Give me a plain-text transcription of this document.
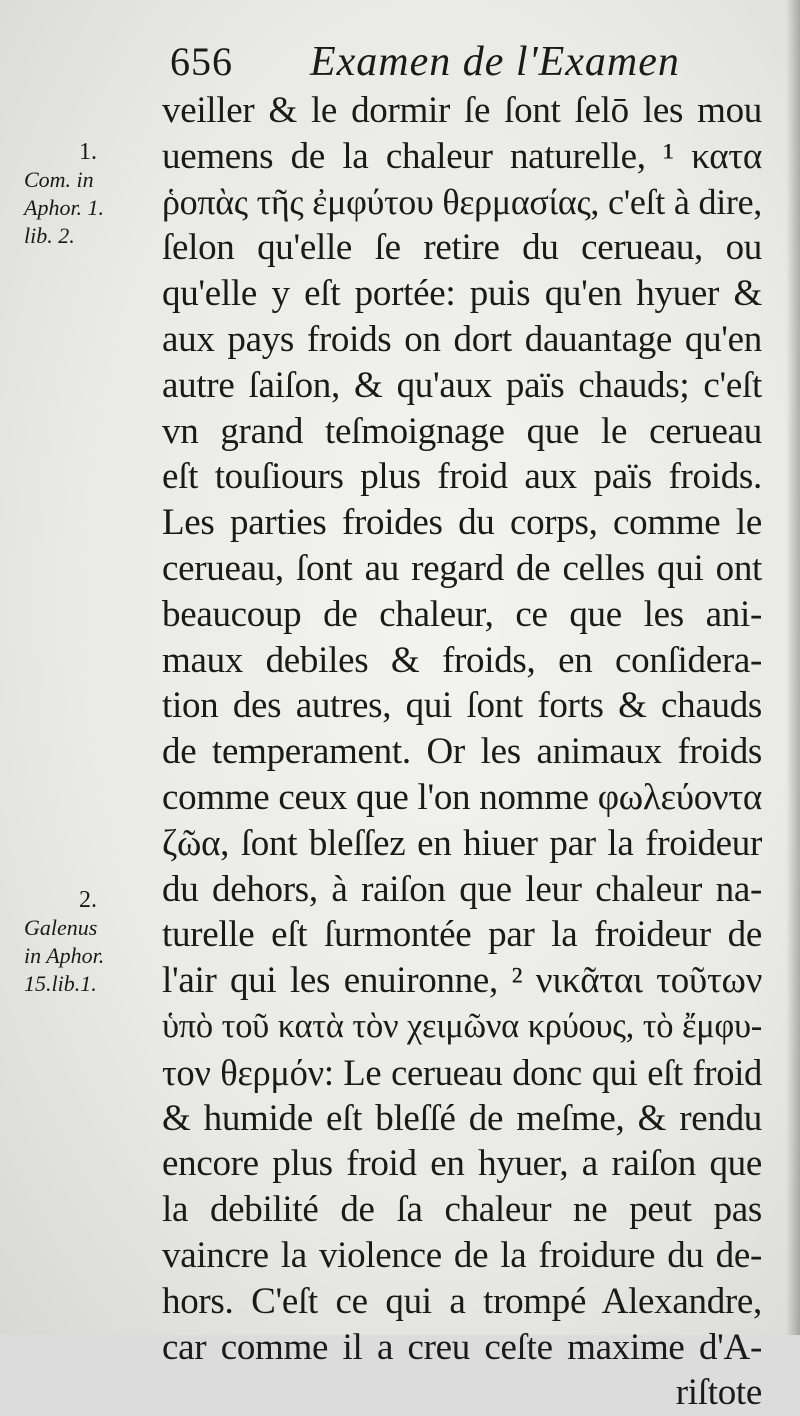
656 Examen de l'Examen
1.
Com. in
Aphor. 1.
lib. 2.
2.
Galenus
in Aphor.
15.lib.1.
veiller & le dormir ſe ſont ſelō les mou
uemens de la chaleur naturelle, ¹ κατα
ῥοπὰς τῆς ἐμφύτου θερμασίας, c'eſt à dire,
ſelon qu'elle ſe retire du cerueau, ou
qu'elle y eſt portée: puis qu'en hyuer &
aux pays froids on dort dauantage qu'en
autre ſaiſon, & qu'aux païs chauds; c'eſt
vn grand teſmoignage que le cerueau
eſt touſiours plus froid aux païs froids.
Les parties froides du corps, comme le
cerueau, ſont au regard de celles qui ont
beaucoup de chaleur, ce que les ani-
maux debiles & froids, en conſidera-
tion des autres, qui ſont forts & chauds
de temperament. Or les animaux froids
comme ceux que l'on nomme φωλεύοντα
ζῶα, ſont bleſſez en hiuer par la froideur
du dehors, à raiſon que leur chaleur na-
turelle eſt ſurmontée par la froideur de
l'air qui les enuironne, ² νικᾶται τοῦτων
ὑπὸ τοῦ κατὰ τὸν χειμῶνα κρύους, τὸ ἔμφυ-
τον θερμόν: Le cerueau donc qui eſt froid
& humide eſt bleſſé de meſme, & rendu
encore plus froid en hyuer, a raiſon que
la debilité de ſa chaleur ne peut pas
vaincre la violence de la froidure du de-
hors. C'eſt ce qui a trompé Alexandre,
car comme il a creu ceſte maxime d'A-
riſtote
